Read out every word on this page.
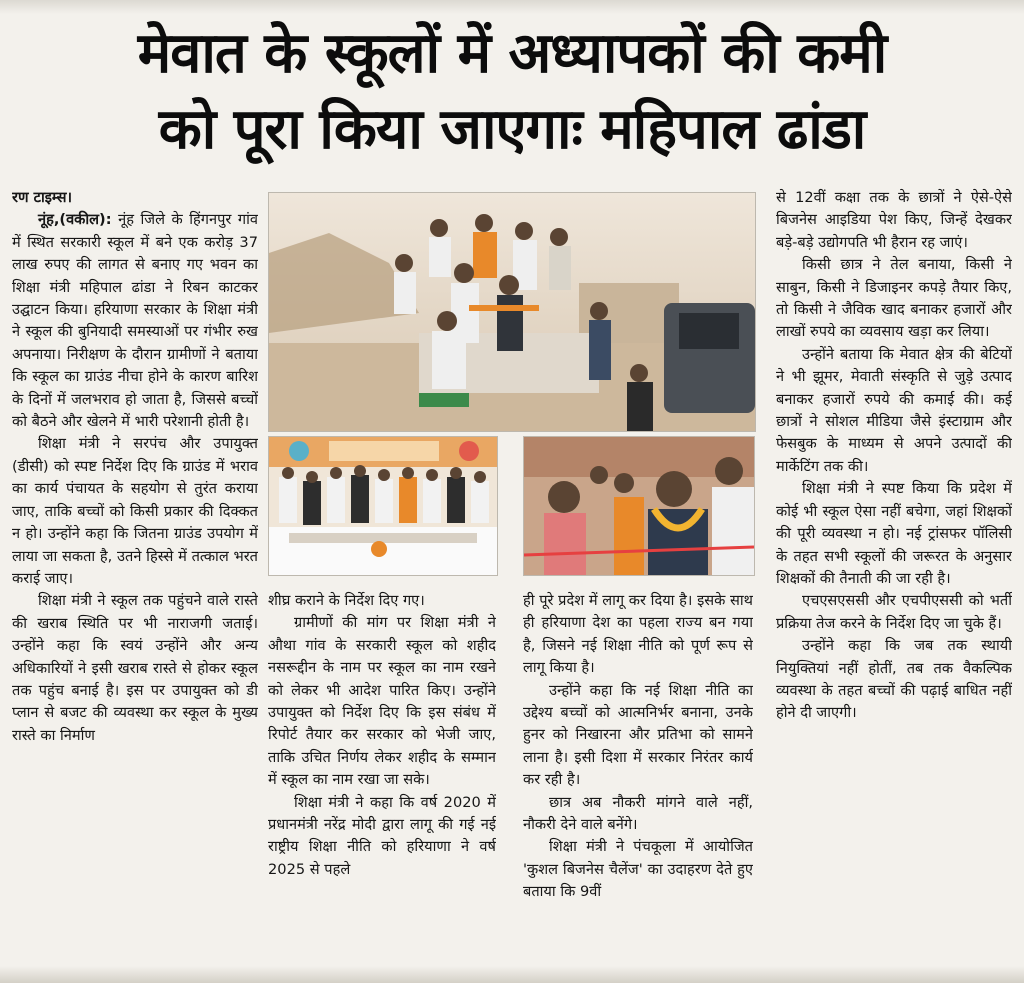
मेवात के स्कूलों में अध्यापकों की कमी
को पूरा किया जाएगाः महिपाल ढांडा

रण टाइम्स।

नूंह,(वकील): नूंह जिले के हिंगनपुर गांव में स्थित सरकारी स्कूल में बने एक करोड़ 37 लाख रुपए की लागत से बनाए गए भवन का शिक्षा मंत्री महिपाल ढांडा ने रिबन काटकर उद्घाटन किया। हरियाणा सरकार के शिक्षा मंत्री ने स्कूल की बुनियादी समस्याओं पर गंभीर रुख अपनाया। निरीक्षण के दौरान ग्रामीणों ने बताया कि स्कूल का ग्राउंड नीचा होने के कारण बारिश के दिनों में जलभराव हो जाता है, जिससे बच्चों को बैठने और खेलने में भारी परेशानी होती है।

शिक्षा मंत्री ने सरपंच और उपायुक्त (डीसी) को स्पष्ट निर्देश दिए कि ग्राउंड में भराव का कार्य पंचायत के सहयोग से तुरंत कराया जाए, ताकि बच्चों को किसी प्रकार की दिक्कत न हो। उन्होंने कहा कि जितना ग्राउंड उपयोग में लाया जा सकता है, उतने हिस्से में तत्काल भरत कराई जाए।

शिक्षा मंत्री ने स्कूल तक पहुंचने वाले रास्ते की खराब स्थिति पर भी नाराजगी जताई। उन्होंने कहा कि स्वयं उन्होंने और अन्य अधिकारियों ने इसी खराब रास्ते से होकर स्कूल तक पहुंच बनाई है। इस पर उपायुक्त को डी प्लान से बजट की व्यवस्था कर स्कूल के मुख्य रास्ते का निर्माण

शीघ्र कराने के निर्देश दिए गए।

ग्रामीणों की मांग पर शिक्षा मंत्री ने औथा गांव के सरकारी स्कूल को शहीद नसरूद्दीन के नाम पर स्कूल का नाम रखने को लेकर भी आदेश पारित किए। उन्होंने उपायुक्त को निर्देश दिए कि इस संबंध में रिपोर्ट तैयार कर सरकार को भेजी जाए, ताकि उचित निर्णय लेकर शहीद के सम्मान में स्कूल का नाम रखा जा सके।

शिक्षा मंत्री ने कहा कि वर्ष 2020 में प्रधानमंत्री नरेंद्र मोदी द्वारा लागू की गई नई राष्ट्रीय शिक्षा नीति को हरियाणा ने वर्ष 2025 से पहले

ही पूरे प्रदेश में लागू कर दिया है। इसके साथ ही हरियाणा देश का पहला राज्य बन गया है, जिसने नई शिक्षा नीति को पूर्ण रूप से लागू किया है।

उन्होंने कहा कि नई शिक्षा नीति का उद्देश्य बच्चों को आत्मनिर्भर बनाना, उनके हुनर को निखारना और प्रतिभा को सामने लाना है। इसी दिशा में सरकार निरंतर कार्य कर रही है।

छात्र अब नौकरी मांगने वाले नहीं, नौकरी देने वाले बनेंगे।

शिक्षा मंत्री ने पंचकूला में आयोजित 'कुशल बिजनेस चैलेंज' का उदाहरण देते हुए बताया कि 9वीं

से 12वीं कक्षा तक के छात्रों ने ऐसे-ऐसे बिजनेस आइडिया पेश किए, जिन्हें देखकर बड़े-बड़े उद्योगपति भी हैरान रह जाएं।

किसी छात्र ने तेल बनाया, किसी ने साबुन, किसी ने डिजाइनर कपड़े तैयार किए, तो किसी ने जैविक खाद बनाकर हजारों और लाखों रुपये का व्यवसाय खड़ा कर लिया।

उन्होंने बताया कि मेवात क्षेत्र की बेटियों ने भी झूमर, मेवाती संस्कृति से जुड़े उत्पाद बनाकर हजारों रुपये की कमाई की। कई छात्रों ने सोशल मीडिया जैसे इंस्टाग्राम और फेसबुक के माध्यम से अपने उत्पादों की मार्केटिंग तक की।

शिक्षा मंत्री ने स्पष्ट किया कि प्रदेश में कोई भी स्कूल ऐसा नहीं बचेगा, जहां शिक्षकों की पूरी व्यवस्था न हो। नई ट्रांसफर पॉलिसी के तहत सभी स्कूलों की जरूरत के अनुसार शिक्षकों की तैनाती की जा रही है।

एचएसएससी और एचपीएससी को भर्ती प्रक्रिया तेज करने के निर्देश दिए जा चुके हैं।

उन्होंने कहा कि जब तक स्थायी नियुक्तियां नहीं होतीं, तब तक वैकल्पिक व्यवस्था के तहत बच्चों की पढ़ाई बाधित नहीं होने दी जाएगी।
